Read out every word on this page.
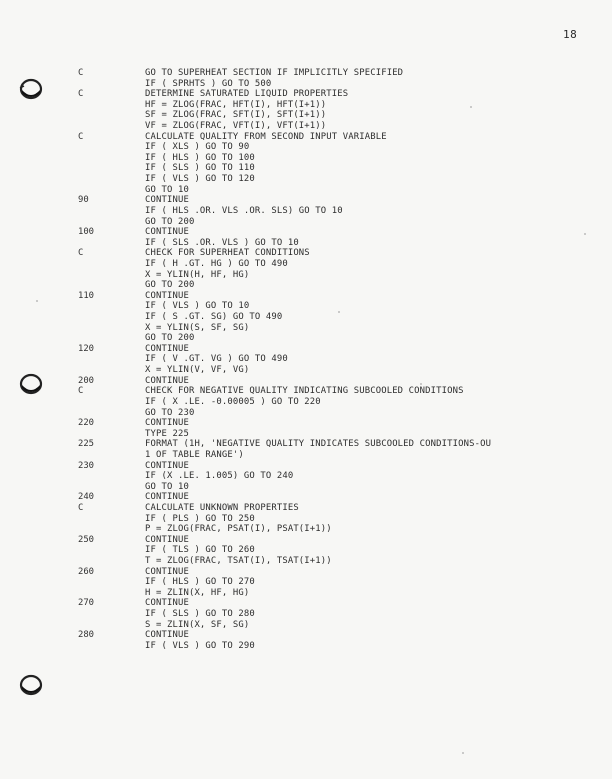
18
C	GO TO SUPERHEAT SECTION IF IMPLICITLY SPECIFIED
IF ( SPRHTS ) GO TO 500
C	DETERMINE SATURATED LIQUID PROPERTIES
HF = ZLOG(FRAC, HFT(I), HFT(I+1))
SF = ZLOG(FRAC, SFT(I), SFT(I+1))
VF = ZLOG(FRAC, VFT(I), VFT(I+1))
C	CALCULATE QUALITY FROM SECOND INPUT VARIABLE
IF ( XLS ) GO TO 90
IF ( HLS ) GO TO 100
IF ( SLS ) GO TO 110
IF ( VLS ) GO TO 120
GO TO 10
90	CONTINUE
IF ( HLS .OR. VLS .OR. SLS) GO TO 10
GO TO 200
100	CONTINUE
IF ( SLS .OR. VLS ) GO TO 10
C	CHECK FOR SUPERHEAT CONDITIONS
IF ( H .GT. HG ) GO TO 490
X = YLIN(H, HF, HG)
GO TO 200
110	CONTINUE
IF ( VLS ) GO TO 10
IF ( S .GT. SG) GO TO 490
X = YLIN(S, SF, SG)
GO TO 200
120	CONTINUE
IF ( V .GT. VG ) GO TO 490
X = YLIN(V, VF, VG)
200	CONTINUE
C	CHECK FOR NEGATIVE QUALITY INDICATING SUBCOOLED CONDITIONS
IF ( X .LE. -0.00005 ) GO TO 220
GO TO 230
220	CONTINUE
TYPE 225
225	FORMAT (1H, 'NEGATIVE QUALITY INDICATES SUBCOOLED CONDITIONS-OU
1 OF TABLE RANGE')
230	CONTINUE
IF (X .LE. 1.005) GO TO 240
GO TO 10
240	CONTINUE
C	CALCULATE UNKNOWN PROPERTIES
IF ( PLS ) GO TO 250
P = ZLOG(FRAC, PSAT(I), PSAT(I+1))
250	CONTINUE
IF ( TLS ) GO TO 260
T = ZLOG(FRAC, TSAT(I), TSAT(I+1))
260	CONTINUE
IF ( HLS ) GO TO 270
H = ZLIN(X, HF, HG)
270	CONTINUE
IF ( SLS ) GO TO 280
S = ZLIN(X, SF, SG)
280	CONTINUE
IF ( VLS ) GO TO 290
